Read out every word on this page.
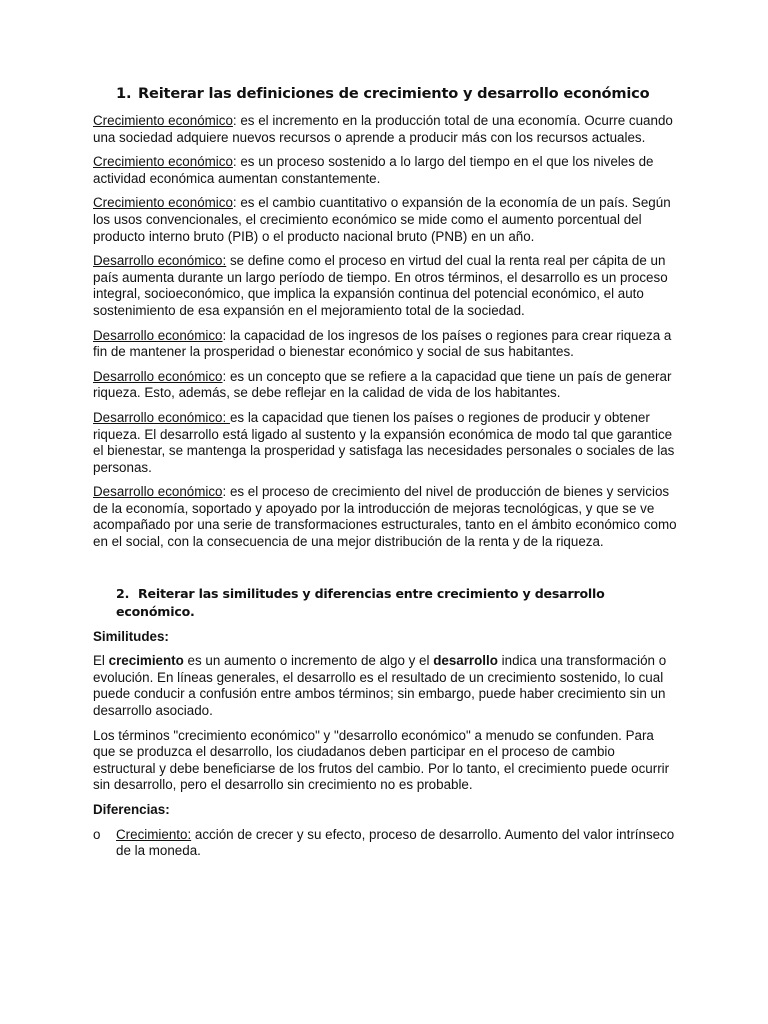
1. Reiterar las definiciones de crecimiento y desarrollo económico

Crecimiento económico: es el incremento en la producción total de una economía. Ocurre cuando una sociedad adquiere nuevos recursos o aprende a producir más con los recursos actuales.

Crecimiento económico: es un proceso sostenido a lo largo del tiempo en el que los niveles de actividad económica aumentan constantemente.

Crecimiento económico: es el cambio cuantitativo o expansión de la economía de un país. Según los usos convencionales, el crecimiento económico se mide como el aumento porcentual del producto interno bruto (PIB) o el producto nacional bruto (PNB) en un año.

Desarrollo económico: se define como el proceso en virtud del cual la renta real per cápita de un país aumenta durante un largo período de tiempo. En otros términos, el desarrollo es un proceso integral, socioeconómico, que implica la expansión continua del potencial económico, el auto sostenimiento de esa expansión en el mejoramiento total de la sociedad.

Desarrollo económico: la capacidad de los ingresos de los países o regiones para crear riqueza a fin de mantener la prosperidad o bienestar económico y social de sus habitantes.

Desarrollo económico: es un concepto que se refiere a la capacidad que tiene un país de generar riqueza. Esto, además, se debe reflejar en la calidad de vida de los habitantes.

Desarrollo económico: es la capacidad que tienen los países o regiones de producir y obtener riqueza. El desarrollo está ligado al sustento y la expansión económica de modo tal que garantice el bienestar, se mantenga la prosperidad y satisfaga las necesidades personales o sociales de las personas.

Desarrollo económico: es el proceso de crecimiento del nivel de producción de bienes y servicios de la economía, soportado y apoyado por la introducción de mejoras tecnológicas, y que se ve acompañado por una serie de transformaciones estructurales, tanto en el ámbito económico como en el social, con la consecuencia de una mejor distribución de la renta y de la riqueza.

2. Reiterar las similitudes y diferencias entre crecimiento y desarrollo económico.

Similitudes:

El crecimiento es un aumento o incremento de algo y el desarrollo indica una transformación o evolución. En líneas generales, el desarrollo es el resultado de un crecimiento sostenido, lo cual puede conducir a confusión entre ambos términos; sin embargo, puede haber crecimiento sin un desarrollo asociado.

Los términos "crecimiento económico" y "desarrollo económico" a menudo se confunden. Para que se produzca el desarrollo, los ciudadanos deben participar en el proceso de cambio estructural y debe beneficiarse de los frutos del cambio. Por lo tanto, el crecimiento puede ocurrir sin desarrollo, pero el desarrollo sin crecimiento no es probable.

Diferencias:

o Crecimiento: acción de crecer y su efecto, proceso de desarrollo. Aumento del valor intrínseco de la moneda.
